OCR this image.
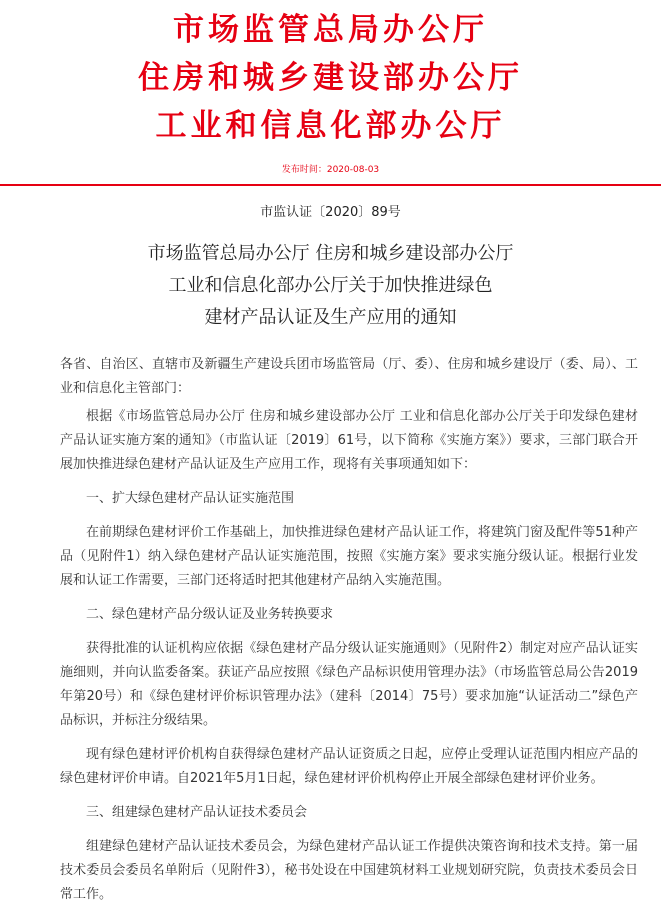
市场监管总局办公厅
住房和城乡建设部办公厅
工业和信息化部办公厅
发布时间：2020-08-03
市监认证〔2020〕89号
市场监管总局办公厅 住房和城乡建设部办公厅
工业和信息化部办公厅关于加快推进绿色
建材产品认证及生产应用的通知

各省、自治区、直辖市及新疆生产建设兵团市场监管局（厅、委）、住房和城乡建设厅（委、局）、工业和信息化主管部门：

根据《市场监管总局办公厅 住房和城乡建设部办公厅 工业和信息化部办公厅关于印发绿色建材产品认证实施方案的通知》（市监认证〔2019〕61号，以下简称《实施方案》）要求，三部门联合开展加快推进绿色建材产品认证及生产应用工作，现将有关事项通知如下：

一、扩大绿色建材产品认证实施范围

在前期绿色建材评价工作基础上，加快推进绿色建材产品认证工作，将建筑门窗及配件等51种产品（见附件1）纳入绿色建材产品认证实施范围，按照《实施方案》要求实施分级认证。根据行业发展和认证工作需要，三部门还将适时把其他建材产品纳入实施范围。

二、绿色建材产品分级认证及业务转换要求

获得批准的认证机构应依据《绿色建材产品分级认证实施通则》（见附件2）制定对应产品认证实施细则，并向认监委备案。获证产品应按照《绿色产品标识使用管理办法》（市场监管总局公告2019年第20号）和《绿色建材评价标识管理办法》（建科〔2014〕75号）要求加施“认证活动二”绿色产品标识，并标注分级结果。

现有绿色建材评价机构自获得绿色建材产品认证资质之日起，应停止受理认证范围内相应产品的绿色建材评价申请。自2021年5月1日起，绿色建材评价机构停止开展全部绿色建材评价业务。

三、组建绿色建材产品认证技术委员会

组建绿色建材产品认证技术委员会，为绿色建材产品认证工作提供决策咨询和技术支持。第一届技术委员会委员名单附后（见附件3），秘书处设在中国建筑材料工业规划研究院，负责技术委员会日常工作。
